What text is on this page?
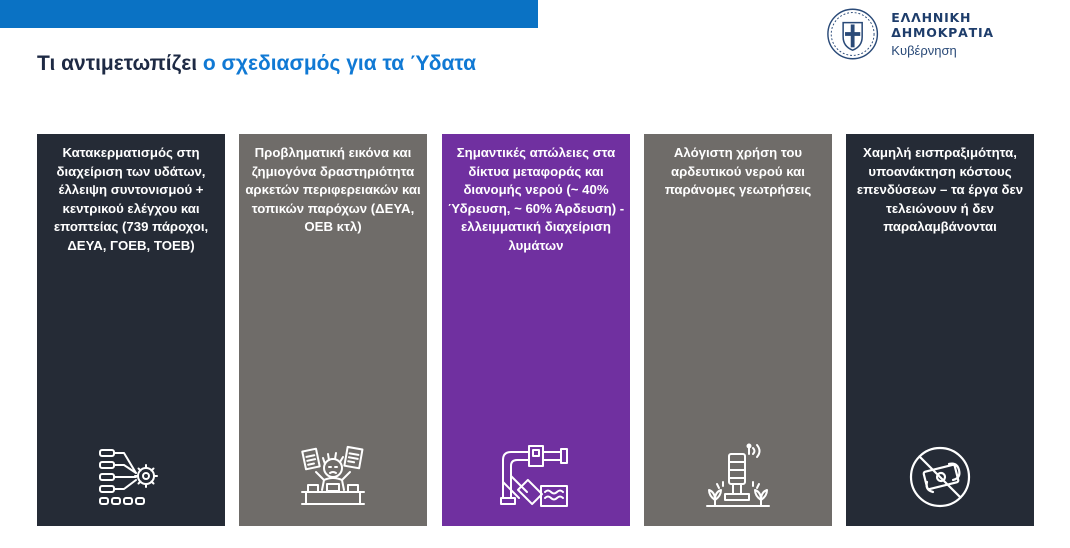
ΕΛΛΗΝΙΚΗ ΔΗΜΟΚΡΑΤΙΑ
Κυβέρνηση
Τι αντιμετωπίζει ο σχεδιασμός για τα Ύδατα
Κατακερματισμός στη διαχείριση των υδάτων, έλλειψη συντονισμού + κεντρικού ελέγχου και εποπτείας (739 πάροχοι, ΔΕΥΑ, ΓΟΕΒ, ΤΟΕΒ)
Προβληματική εικόνα και ζημιογόνα δραστηριότητα αρκετών περιφερειακών και τοπικών παρόχων (ΔΕΥΑ, ΟΕΒ κτλ)
Σημαντικές απώλειες στα δίκτυα μεταφοράς και διανομής νερού (~ 40% Ύδρευση, ~ 60% Άρδευση) - ελλειμματική διαχείριση λυμάτων
Αλόγιστη χρήση του αρδευτικού νερού και παράνομες γεωτρήσεις
Χαμηλή εισπραξιμότητα, υποανάκτηση κόστους επενδύσεων – τα έργα δεν τελειώνουν ή δεν παραλαμβάνονται
